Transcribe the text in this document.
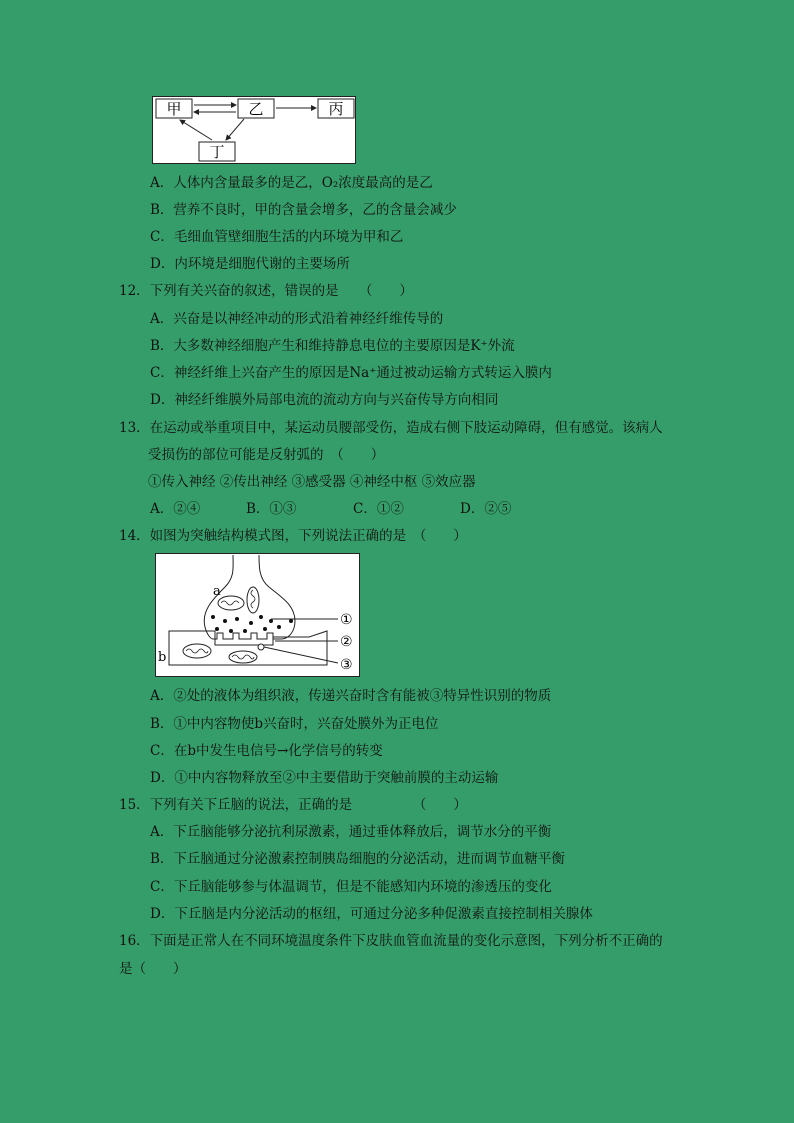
甲	乙	丙
丁
A．人体内含量最多的是乙，O₂浓度最高的是乙
B．营养不良时，甲的含量会增多，乙的含量会减少
C．毛细血管壁细胞生活的内环境为甲和乙
D．内环境是细胞代谢的主要场所
12．下列有关兴奋的叙述，错误的是　　（　　）
A．兴奋是以神经冲动的形式沿着神经纤维传导的
B．大多数神经细胞产生和维持静息电位的主要原因是K⁺外流
C．神经纤维上兴奋产生的原因是Na⁺通过被动运输方式转运入膜内
D．神经纤维膜外局部电流的流动方向与兴奋传导方向相同
13．在运动或举重项目中，某运动员腰部受伤，造成右侧下肢运动障碍，但有感觉。该病人
受损伤的部位可能是反射弧的　（　　）
①传入神经 ②传出神经 ③感受器 ④神经中枢 ⑤效应器
A．②④	B．①③	C．①②	D．②⑤
14．如图为突触结构模式图，下列说法正确的是　（　　）
a
b
①
②
③
A．②处的液体为组织液，传递兴奋时含有能被③特异性识别的物质
B．①中内容物使b兴奋时，兴奋处膜外为正电位
C．在b中发生电信号→化学信号的转变
D．①中内容物释放至②中主要借助于突触前膜的主动运输
15．下列有关下丘脑的说法，正确的是　　　　　（　　）
A．下丘脑能够分泌抗利尿激素，通过垂体释放后，调节水分的平衡
B．下丘脑通过分泌激素控制胰岛细胞的分泌活动，进而调节血糖平衡
C．下丘脑能够参与体温调节，但是不能感知内环境的渗透压的变化
D．下丘脑是内分泌活动的枢纽，可通过分泌多种促激素直接控制相关腺体
16．下面是正常人在不同环境温度条件下皮肤血管血流量的变化示意图，下列分析不正确的
是（　　）
